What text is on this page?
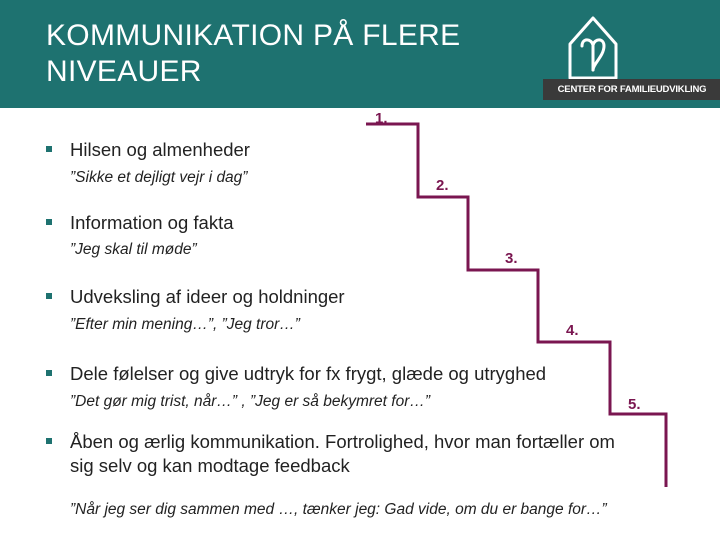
KOMMUNIKATION PÅ FLERE
NIVEAUER
CENTER FOR FAMILIEUDVIKLING
1.
2.
3.
4.
5.
Hilsen og almenheder
”Sikke et dejligt vejr i dag”
Information og fakta
”Jeg skal til møde”
Udveksling af ideer og holdninger
”Efter min mening…”, ”Jeg tror…”
Dele følelser og give udtryk for fx frygt, glæde og utryghed
”Det gør mig trist, når…” , ”Jeg er så bekymret for…”
Åben og ærlig kommunikation. Fortrolighed, hvor man fortæller om sig selv og kan modtage feedback
TEMA 4: KOMMUNIKATION OG TALE-LYTTETEKNIKKEN
”Når jeg ser dig sammen med …, tænker jeg: Gad vide, om du er bange for…”
